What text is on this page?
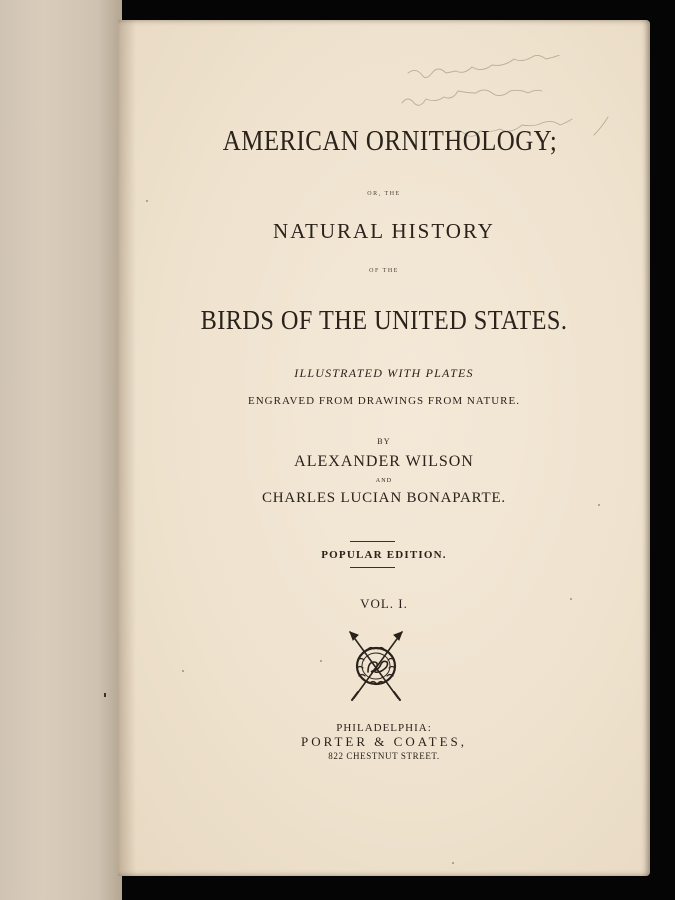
AMERICAN ORNITHOLOGY;
OR, THE
NATURAL HISTORY
OF THE
BIRDS OF THE UNITED STATES.
ILLUSTRATED WITH PLATES
ENGRAVED FROM DRAWINGS FROM NATURE.
BY
ALEXANDER WILSON
AND
CHARLES LUCIAN BONAPARTE.
POPULAR EDITION.
VOL. I.
PHILADELPHIA:
PORTER & COATES,
822 CHESTNUT STREET.
